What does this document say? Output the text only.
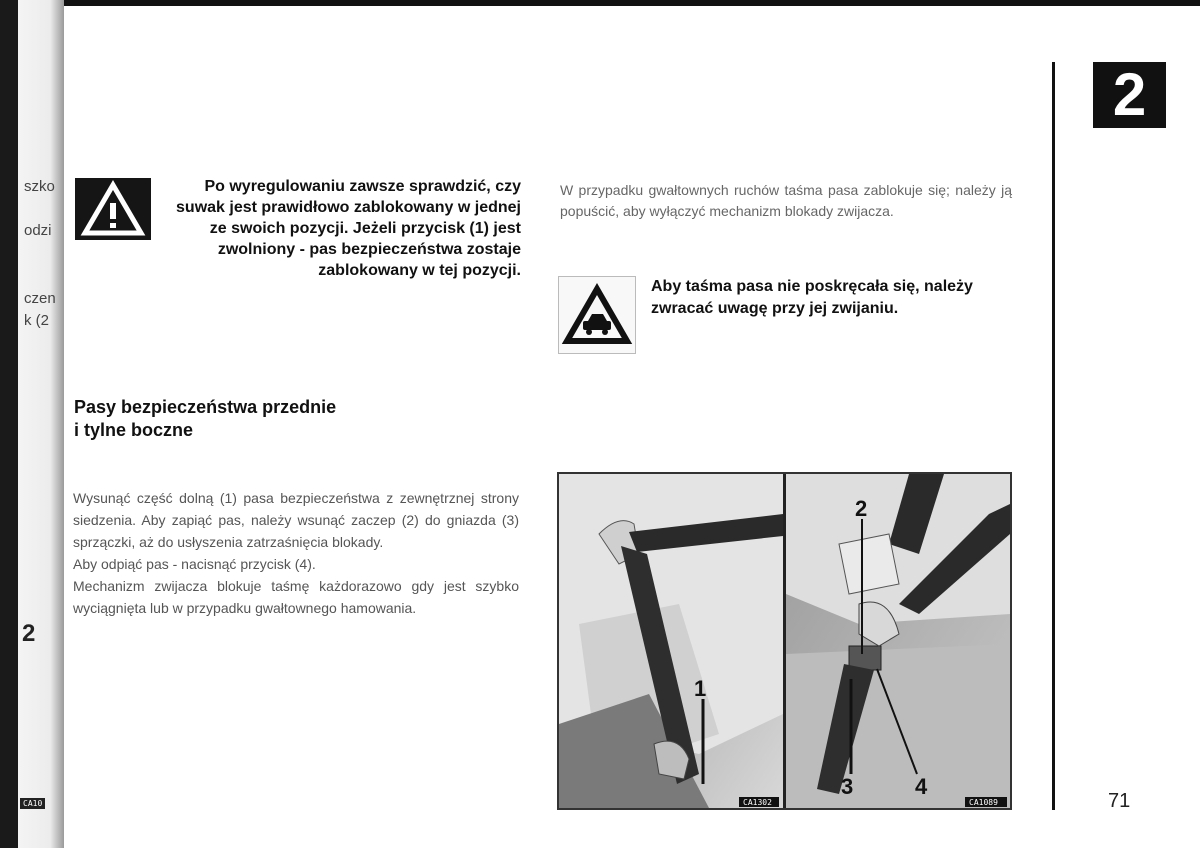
szko
odzi
czen
k (2
2
CA10

Po wyregulowaniu zawsze sprawdzić, czy suwak jest prawidłowo zablokowany w jednej ze swoich pozycji. Jeżeli przycisk (1) jest zwolniony - pas bezpieczeństwa zostaje zablokowany w tej pozycji.

Pasy bezpieczeństwa przednie
i tylne boczne

Wysunąć część dolną (1) pasa bezpieczeństwa z zewnętrznej strony siedzenia. Aby zapiąć pas, należy wsunąć zaczep (2) do gniazda (3) sprzączki, aż do usłyszenia zatrzaśnięcia blokady.

Aby odpiąć pas - nacisnąć przycisk (4).

Mechanizm zwijacza blokuje taśmę każdorazowo gdy jest szybko wyciągnięta lub w przypadku gwałtownego hamowania.

W przypadku gwałtownych ruchów taśma pasa zablokuje się; należy ją popuścić, aby wyłączyć mechanizm blokady zwijacza.

Aby taśma pasa nie poskręcała się, należy zwracać uwagę przy jej zwijaniu.

1
2
3	4
CA1302	CA1089
2
71
